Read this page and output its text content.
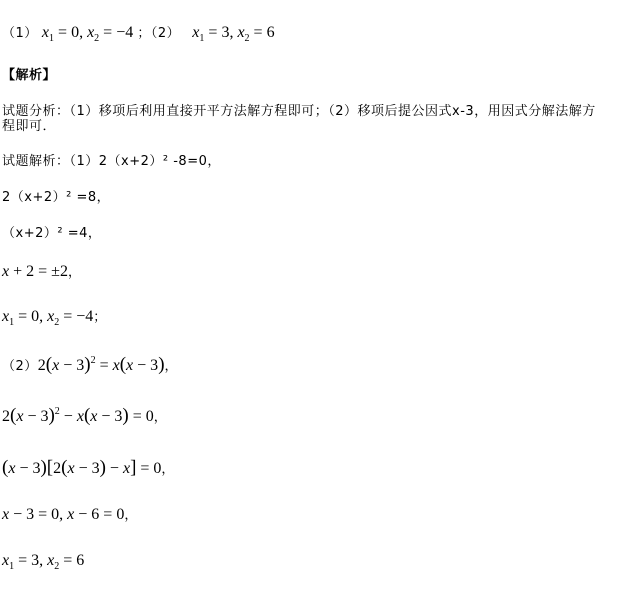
（1） $x_1 = 0$, $x_2 = -4$ ；（2） $x_1 = 3$, $x_2 = 6$
【解析】
试题分析：（1）移项后利用直接开平方法解方程即可；（2）移项后提公因式x-3，用因式分解法解方
程即可．
试题解析：（1）2（x+2）² -8=0，
2（x+2）² =8，
（x+2）² =4，
x + 2 = ±2，
$x_1 = 0$, $x_2 = -4$；
$(2)2(x - 3)^2 = x(x - 3)$，
$2(x - 3)^2 - x(x - 3) = 0$，
(x − 3)[2(x − 3) − x] = 0，
x − 3 = 0, x − 6 = 0，
$x_1 = 3$, $x_2 = 6$
